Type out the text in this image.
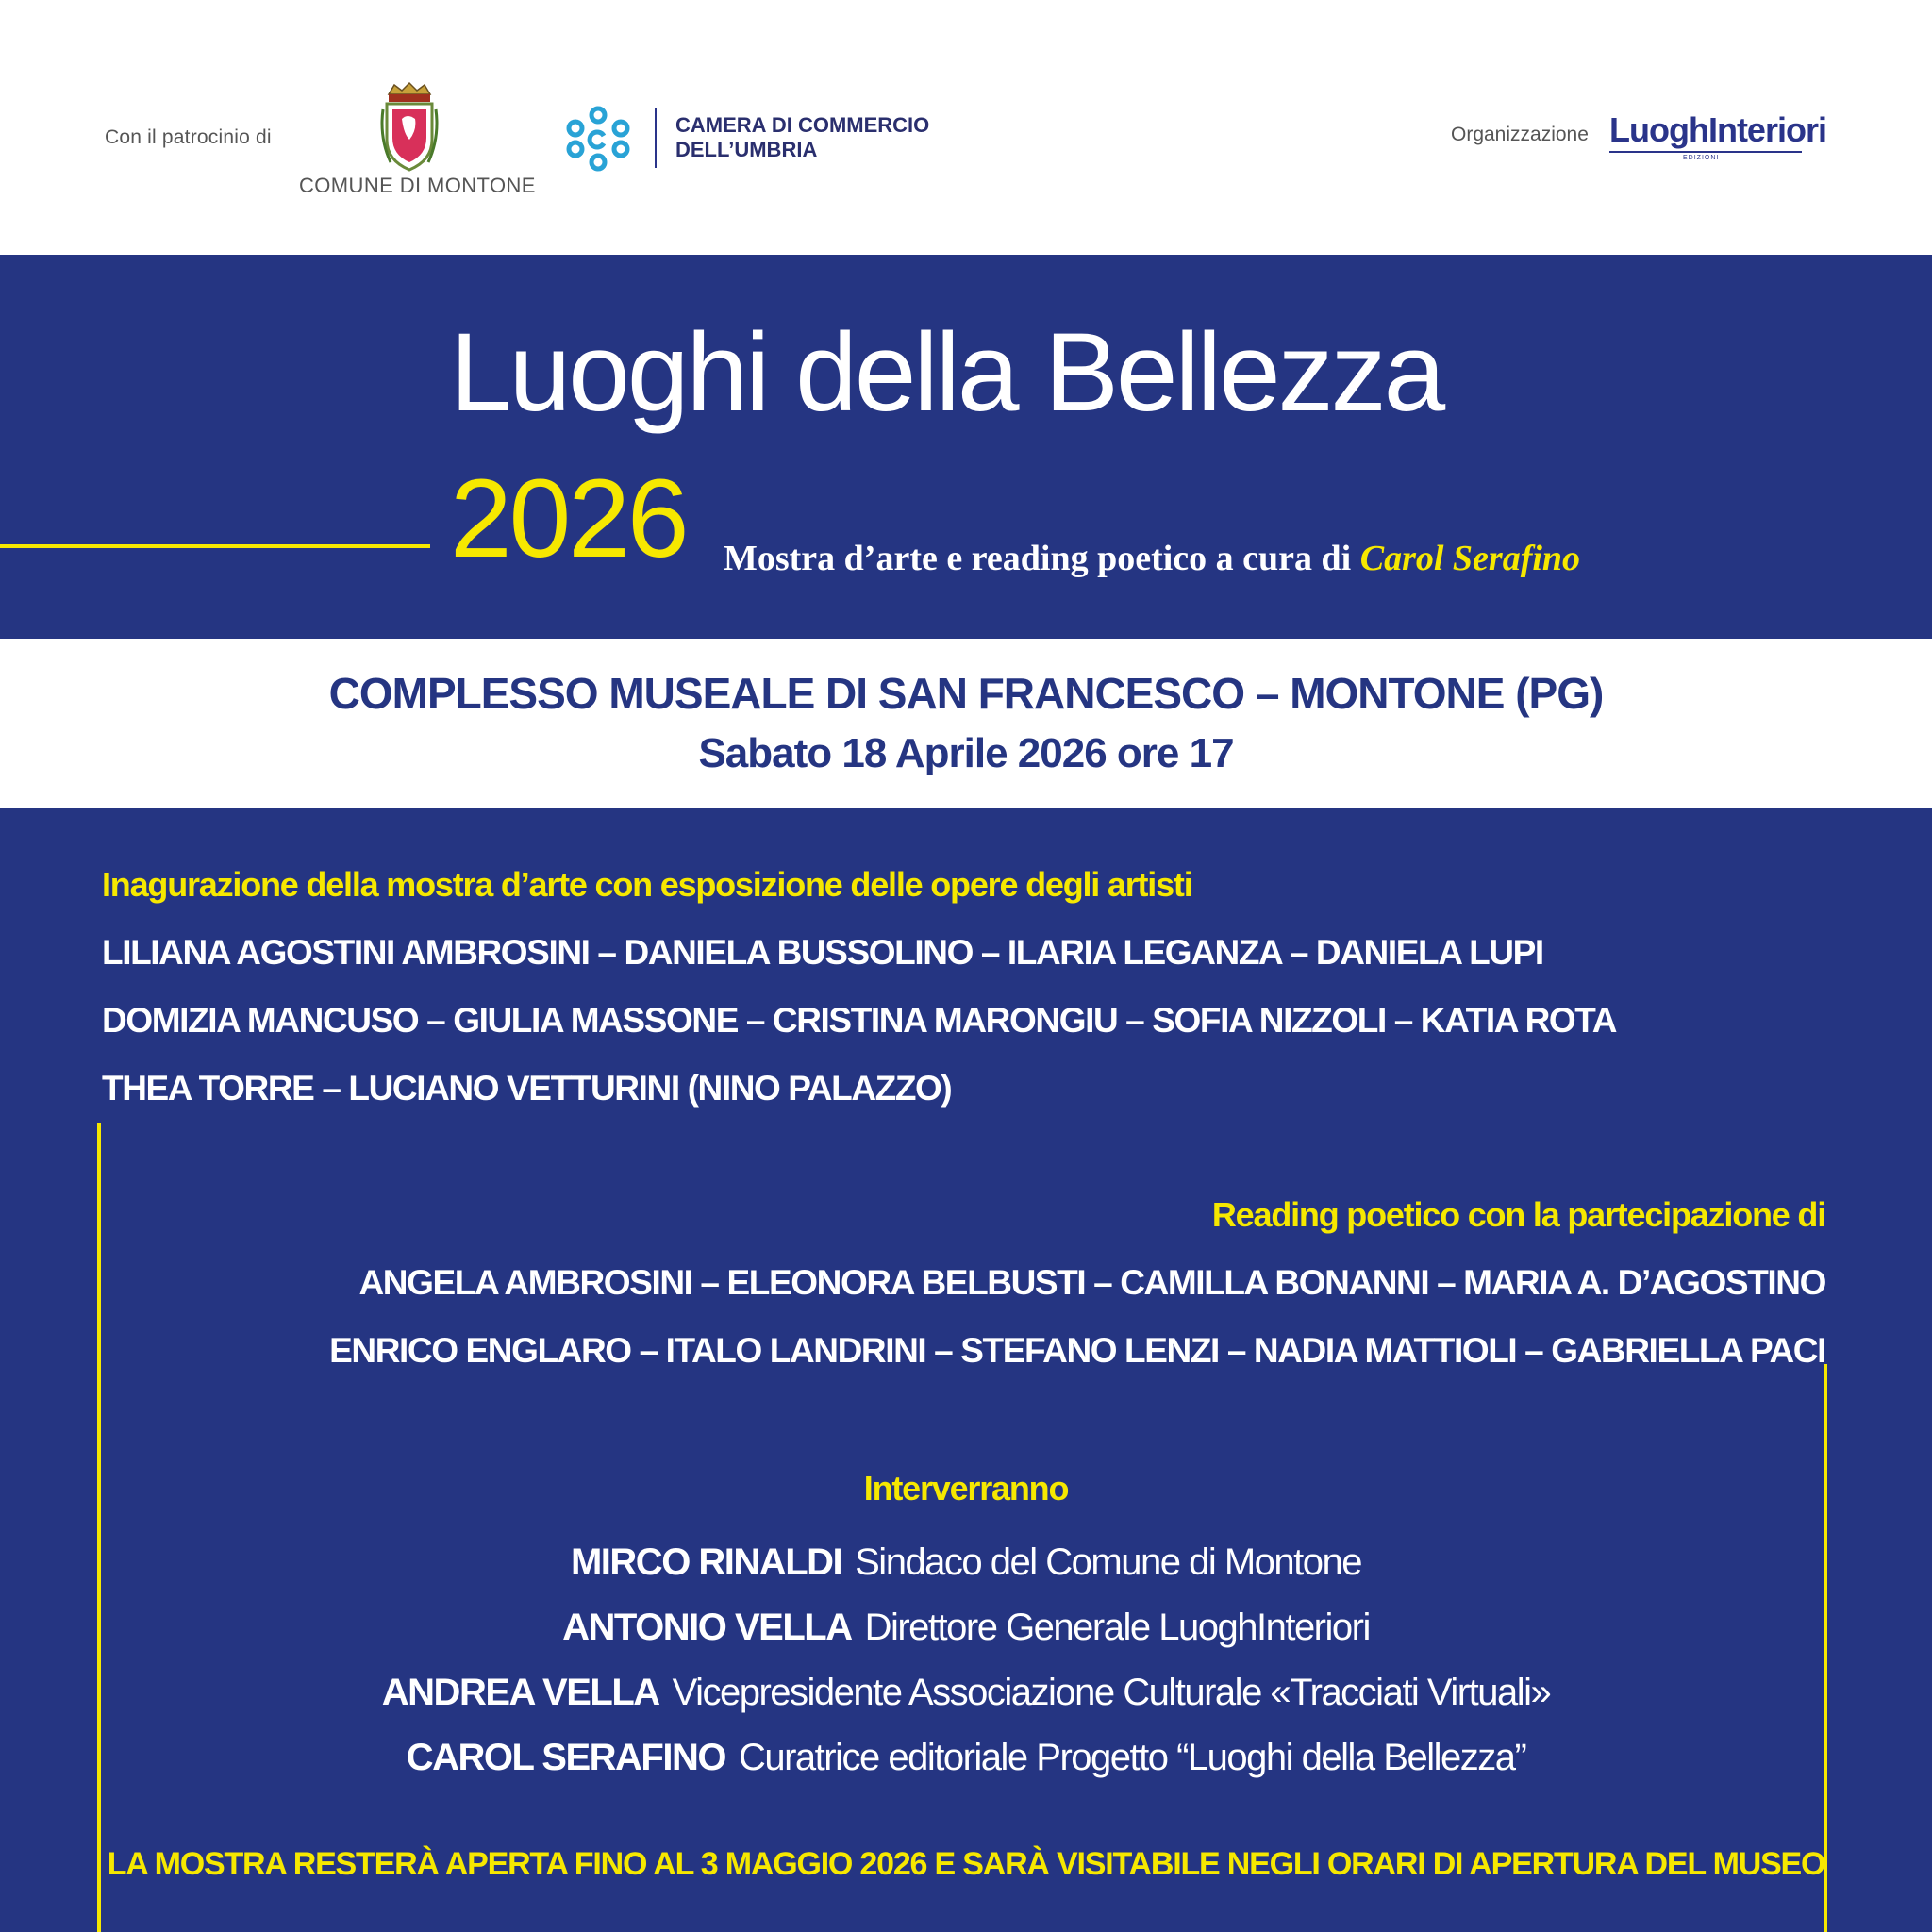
Con il patrocinio di
COMUNE DI MONTONE
CAMERA DI COMMERCIO
DELL’UMBRIA
Organizzazione LuoghInteriori
EDIZIONI
Luoghi della Bellezza
2026 Mostra d’arte e reading poetico a cura di Carol Serafino
COMPLESSO MUSEALE DI SAN FRANCESCO – MONTONE (PG)
Sabato 18 Aprile 2026 ore 17
Inagurazione della mostra d’arte con esposizione delle opere degli artisti
LILIANA AGOSTINI AMBROSINI – DANIELA BUSSOLINO – ILARIA LEGANZA – DANIELA LUPI
DOMIZIA MANCUSO – GIULIA MASSONE – CRISTINA MARONGIU – SOFIA NIZZOLI – KATIA ROTA
THEA TORRE – LUCIANO VETTURINI (NINO PALAZZO)
Reading poetico con la partecipazione di
ANGELA AMBROSINI – ELEONORA BELBUSTI – CAMILLA BONANNI – MARIA A. D’AGOSTINO
ENRICO ENGLARO – ITALO LANDRINI – STEFANO LENZI – NADIA MATTIOLI – GABRIELLA PACI
Interverranno
MIRCO RINALDI Sindaco del Comune di Montone
ANTONIO VELLA Direttore Generale LuoghInteriori
ANDREA VELLA Vicepresidente Associazione Culturale «Tracciati Virtuali»
CAROL SERAFINO Curatrice editoriale Progetto “Luoghi della Bellezza”
LA MOSTRA RESTERÀ APERTA FINO AL 3 MAGGIO 2026 E SARÀ VISITABILE NEGLI ORARI DI APERTURA DEL MUSEO
